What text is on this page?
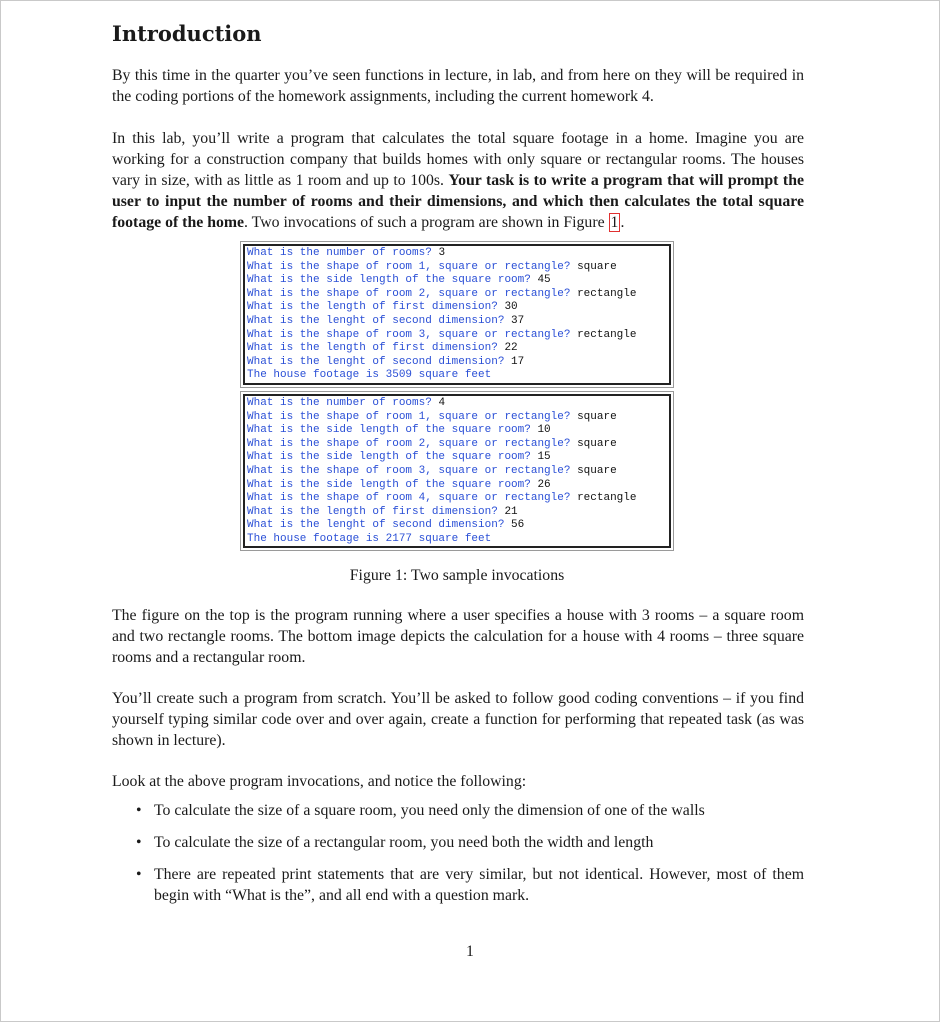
Introduction

By this time in the quarter you’ve seen functions in lecture, in lab, and from here on they will be required in the coding portions of the homework assignments, including the current homework 4.

In this lab, you’ll write a program that calculates the total square footage in a home. Imagine you are working for a construction company that builds homes with only square or rectangular rooms. The houses vary in size, with as little as 1 room and up to 100s. Your task is to write a program that will prompt the user to input the number of rooms and their dimensions, and which then calculates the total square footage of the home. Two invocations of such a program are shown in Figure 1 .

What is the number of rooms? 3
What is the shape of room 1, square or rectangle? square
What is the side length of the square room? 45
What is the shape of room 2, square or rectangle? rectangle
What is the length of first dimension? 30
What is the lenght of second dimension? 37
What is the shape of room 3, square or rectangle? rectangle
What is the length of first dimension? 22
What is the lenght of second dimension? 17
The house footage is 3509 square feet
What is the number of rooms? 4
What is the shape of room 1, square or rectangle? square
What is the side length of the square room? 10
What is the shape of room 2, square or rectangle? square
What is the side length of the square room? 15
What is the shape of room 3, square or rectangle? square
What is the side length of the square room? 26
What is the shape of room 4, square or rectangle? rectangle
What is the length of first dimension? 21
What is the lenght of second dimension? 56
The house footage is 2177 square feet
Figure 1: Two sample invocations

The figure on the top is the program running where a user specifies a house with 3 rooms – a square room and two rectangle rooms. The bottom image depicts the calculation for a house with 4 rooms – three square rooms and a rectangular room.

You’ll create such a program from scratch. You’ll be asked to follow good coding conventions – if you find yourself typing similar code over and over again, create a function for performing that repeated task (as was shown in lecture).

Look at the above program invocations, and notice the following:

• To calculate the size of a square room, you need only the dimension of one of the walls
• To calculate the size of a rectangular room, you need both the width and length
• There are repeated print statements that are very similar, but not identical. However, most of them begin with “What is the”, and all end with a question mark.
1
